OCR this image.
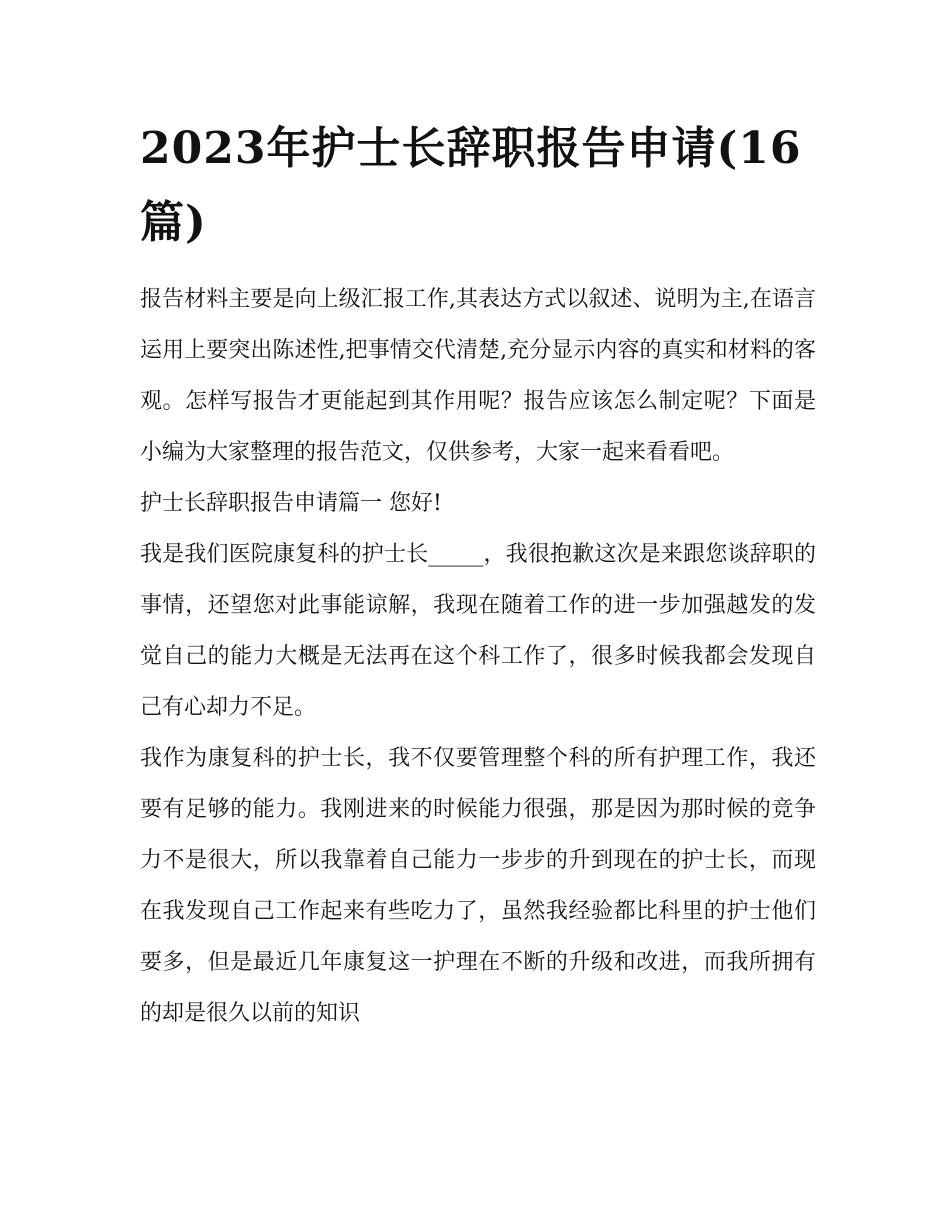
2023年护士长辞职报告申请(16篇)

报告材料主要是向上级汇报工作,其表达方式以叙述、说明为主,在语言运用上要突出陈述性,把事情交代清楚,充分显示内容的真实和材料的客观。怎样写报告才更能起到其作用呢？报告应该怎么制定呢？下面是小编为大家整理的报告范文，仅供参考，大家一起来看看吧。

护士长辞职报告申请篇一 您好!

我是我们医院康复科的护士长_____，我很抱歉这次是来跟您谈辞职的事情，还望您对此事能谅解，我现在随着工作的进一步加强越发的发觉自己的能力大概是无法再在这个科工作了，很多时候我都会发现自己有心却力不足。

我作为康复科的护士长，我不仅要管理整个科的所有护理工作，我还要有足够的能力。我刚进来的时候能力很强，那是因为那时候的竞争力不是很大，所以我靠着自己能力一步步的升到现在的护士长，而现在我发现自己工作起来有些吃力了，虽然我经验都比科里的护士他们要多，但是最近几年康复这一护理在不断的升级和改进，而我所拥有的却是很久以前的知识
